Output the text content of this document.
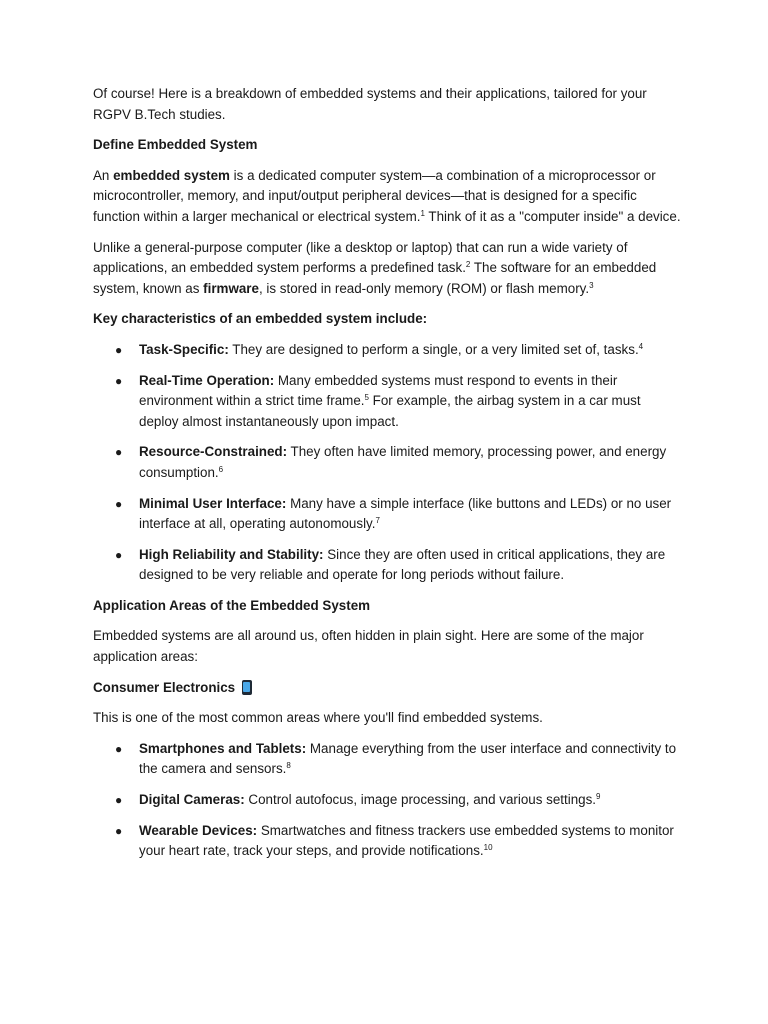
Of course! Here is a breakdown of embedded systems and their applications, tailored for your RGPV B.Tech studies.

Define Embedded System

An embedded system is a dedicated computer system—a combination of a microprocessor or microcontroller, memory, and input/output peripheral devices—that is designed for a specific function within a larger mechanical or electrical system.$^1$ Think of it as a "computer inside" a device.

Unlike a general-purpose computer (like a desktop or laptop) that can run a wide variety of applications, an embedded system performs a predefined task.$^2$ The software for an embedded system, known as firmware, is stored in read-only memory (ROM) or flash memory.$^3$

Key characteristics of an embedded system include:

● Task-Specific: They are designed to perform a single, or a very limited set of, tasks.$^4$
● Real-Time Operation: Many embedded systems must respond to events in their environment within a strict time frame.$^5$ For example, the airbag system in a car must deploy almost instantaneously upon impact.
● Resource-Constrained: They often have limited memory, processing power, and energy consumption.$^6$
● Minimal User Interface: Many have a simple interface (like buttons and LEDs) or no user interface at all, operating autonomously.$^7$
● High Reliability and Stability: Since they are often used in critical applications, they are designed to be very reliable and operate for long periods without failure.

Application Areas of the Embedded System

Embedded systems are all around us, often hidden in plain sight. Here are some of the major application areas:

Consumer Electronics

This is one of the most common areas where you'll find embedded systems.

● Smartphones and Tablets: Manage everything from the user interface and connectivity to the camera and sensors.$^8$
● Digital Cameras: Control autofocus, image processing, and various settings.$^9$
● Wearable Devices: Smartwatches and fitness trackers use embedded systems to monitor your heart rate, track your steps, and provide notifications.$^{10}$
